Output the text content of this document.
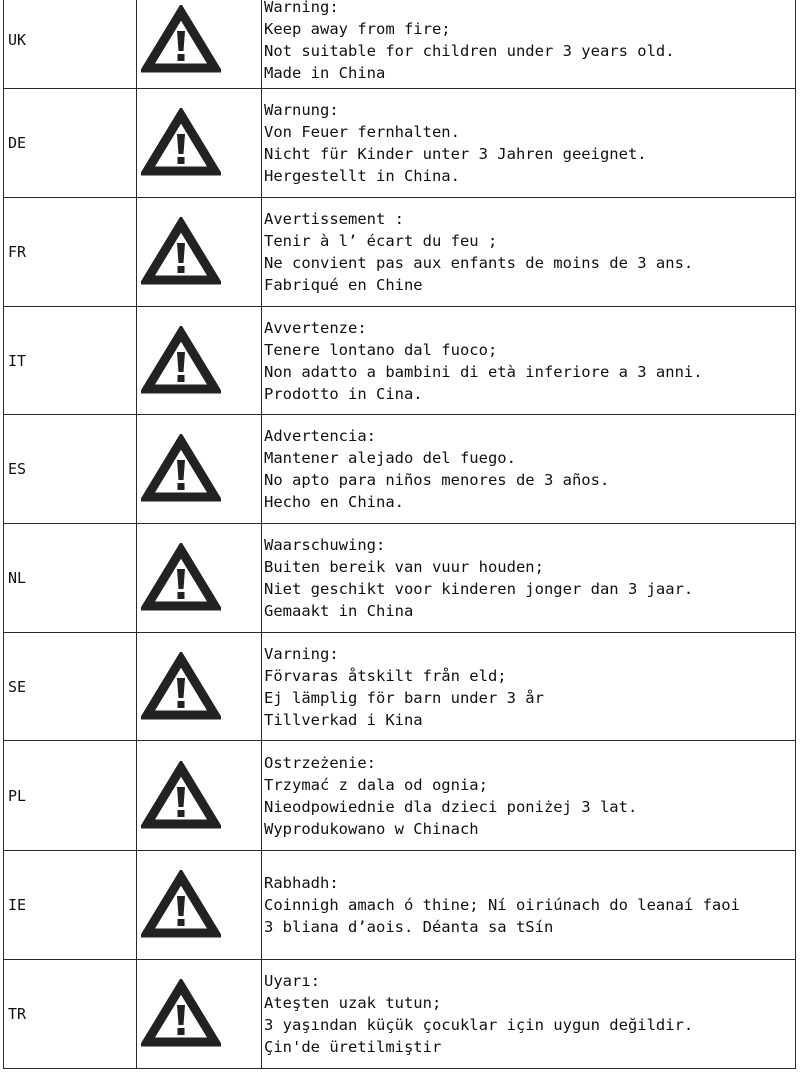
UK		Warning:
Keep away from fire;
Not suitable for children under 3 years old.
Made in China

DE		Warnung:
Von Feuer fernhalten.
Nicht für Kinder unter 3 Jahren geeignet.
Hergestellt in China.

FR		Avertissement :
Tenir à l’ écart du feu ;
Ne convient pas aux enfants de moins de 3 ans.
Fabriqué en Chine

IT		Avvertenze:
Tenere lontano dal fuoco;
Non adatto a bambini di età inferiore a 3 anni.
Prodotto in Cina.

ES		Advertencia:
Mantener alejado del fuego.
No apto para niños menores de 3 años.
Hecho en China.

NL		Waarschuwing:
Buiten bereik van vuur houden;
Niet geschikt voor kinderen jonger dan 3 jaar.
Gemaakt in China

SE		Varning:
Förvaras åtskilt från eld;
Ej lämplig för barn under 3 år
Tillverkad i Kina

PL		Ostrzeżenie:
Trzymać z dala od ognia;
Nieodpowiednie dla dzieci poniżej 3 lat.
Wyprodukowano w Chinach

IE		Rabhadh:
Coinnigh amach ó thine; Ní oiriúnach do leanaí faoi
3 bliana d’aois. Déanta sa tSín

TR		Uyarı:
Ateşten uzak tutun;
3 yaşından küçük çocuklar için uygun değildir.
Çin'de üretilmiştir
